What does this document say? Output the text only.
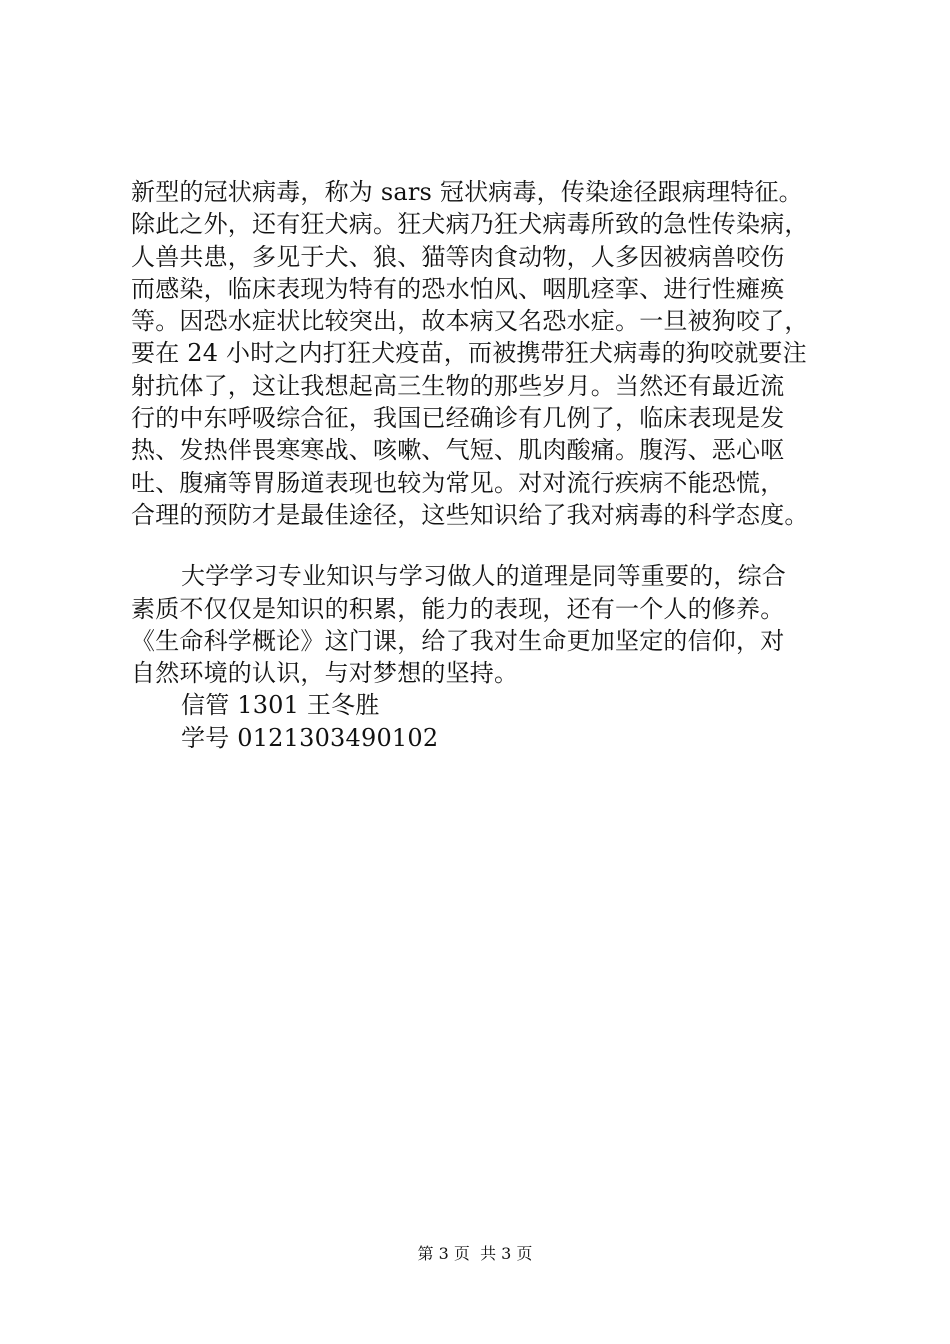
新型的冠状病毒，称为 sars 冠状病毒，传染途径跟病理特征。
除此之外，还有狂犬病。狂犬病乃狂犬病毒所致的急性传染病，
人兽共患，多见于犬、狼、猫等肉食动物，人多因被病兽咬伤
而感染，临床表现为特有的恐水怕风、咽肌痉挛、进行性瘫痪
等。因恐水症状比较突出，故本病又名恐水症。一旦被狗咬了，
要在 24 小时之内打狂犬疫苗，而被携带狂犬病毒的狗咬就要注
射抗体了，这让我想起高三生物的那些岁月。当然还有最近流
行的中东呼吸综合征，我国已经确诊有几例了，临床表现是发
热、发热伴畏寒寒战、咳嗽、气短、肌肉酸痛。腹泻、恶心呕
吐、腹痛等胃肠道表现也较为常见。对对流行疾病不能恐慌，
合理的预防才是最佳途径，这些知识给了我对病毒的科学态度。
大学学习专业知识与学习做人的道理是同等重要的，综合
素质不仅仅是知识的积累，能力的表现，还有一个人的修养。
《生命科学概论》这门课，给了我对生命更加坚定的信仰，对
自然环境的认识，与对梦想的坚持。
信管 1301 王冬胜
学号 0121303490102
第 3 页  共 3 页
